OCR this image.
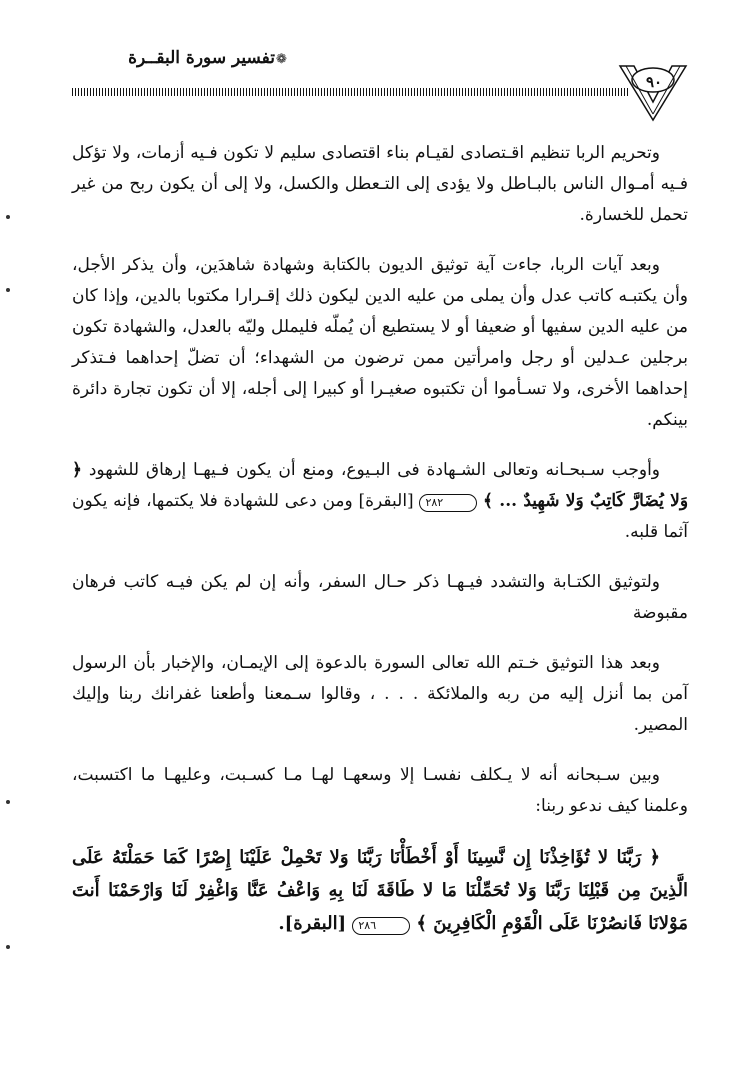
تفسير سورة البقــرة ❁
٩٠

وتحريم الربا تنظيم اقـتصادى لقيـام بناء اقتصادى سليم لا تكون فـيه أزمات، ولا تؤكل فـيه أمـوال الناس بالبـاطل ولا يؤدى إلى التـعطل والكسل، ولا إلى أن يكون ربح من غير تحمل للخسارة.

وبعد آيات الربا، جاءت آية توثيق الديون بالكتابة وشهادة شاهدَين، وأن يذكر الأجل، وأن يكتبـه كاتب عدل وأن يملى من عليه الدين ليكون ذلك إقـرارا مكتوبا بالدين، وإذا كان من عليه الدين سفيها أو ضعيفا أو لا يستطيع أن يُملّه فليملل وليّه بالعدل، والشهادة تكون برجلين عـدلين أو رجل وامرأتين ممن ترضون من الشهداء؛ أن تضلّ إحداهما فـتذكر إحداهما الأخرى، ولا تسـأموا أن تكتبوه صغيـرا أو كبيرا إلى أجله، إلا أن تكون تجارة دائرة بينكم.

وأوجب سـبحـانه وتعالى الشـهادة فى البـيوع، ومنع أن يكون فـيهـا إرهاق للشهود ﴿ وَلا يُضَارَّ كَاتِبٌ وَلا شَهِيدٌ ... ﴾ ٢٨٢ [البقرة] ومن دعى للشهادة فلا يكتمها، فإنه يكون آثما قلبه.

ولتوثيق الكتـابة والتشدد فيـهـا ذكر حـال السفر، وأنه إن لم يكن فيـه كاتب فرهان مقبوضة

وبعد هذا التوثيق خـتم الله تعالى السورة بالدعوة إلى الإيمـان، والإخبار بأن الرسول آمن بما أنزل إليه من ربه والملائكة . . . ، وقالوا سـمعنا وأطعنا غفرانك ربنا وإليك المصير.

وبين سـبحانه أنه لا يـكلف نفسـا إلا وسعهـا لهـا مـا كسـبت، وعليهـا ما اكتسبت، وعلمنا كيف ندعو ربنا:

﴿ رَبَّنَا لا تُؤَاخِذْنَا إِن نَّسِينَا أَوْ أَخْطَأْنَا رَبَّنَا وَلا تَحْمِلْ عَلَيْنَا إِصْرًا كَمَا حَمَلْتَهُ عَلَى الَّذِينَ مِن قَبْلِنَا رَبَّنَا وَلا تُحَمِّلْنَا مَا لا طَاقَةَ لَنَا بِهِ وَاعْفُ عَنَّا وَاغْفِرْ لَنَا وَارْحَمْنَا أَنتَ مَوْلانَا فَانصُرْنَا عَلَى الْقَوْمِ الْكَافِرِينَ ﴾ ٢٨٦ [البقرة].
